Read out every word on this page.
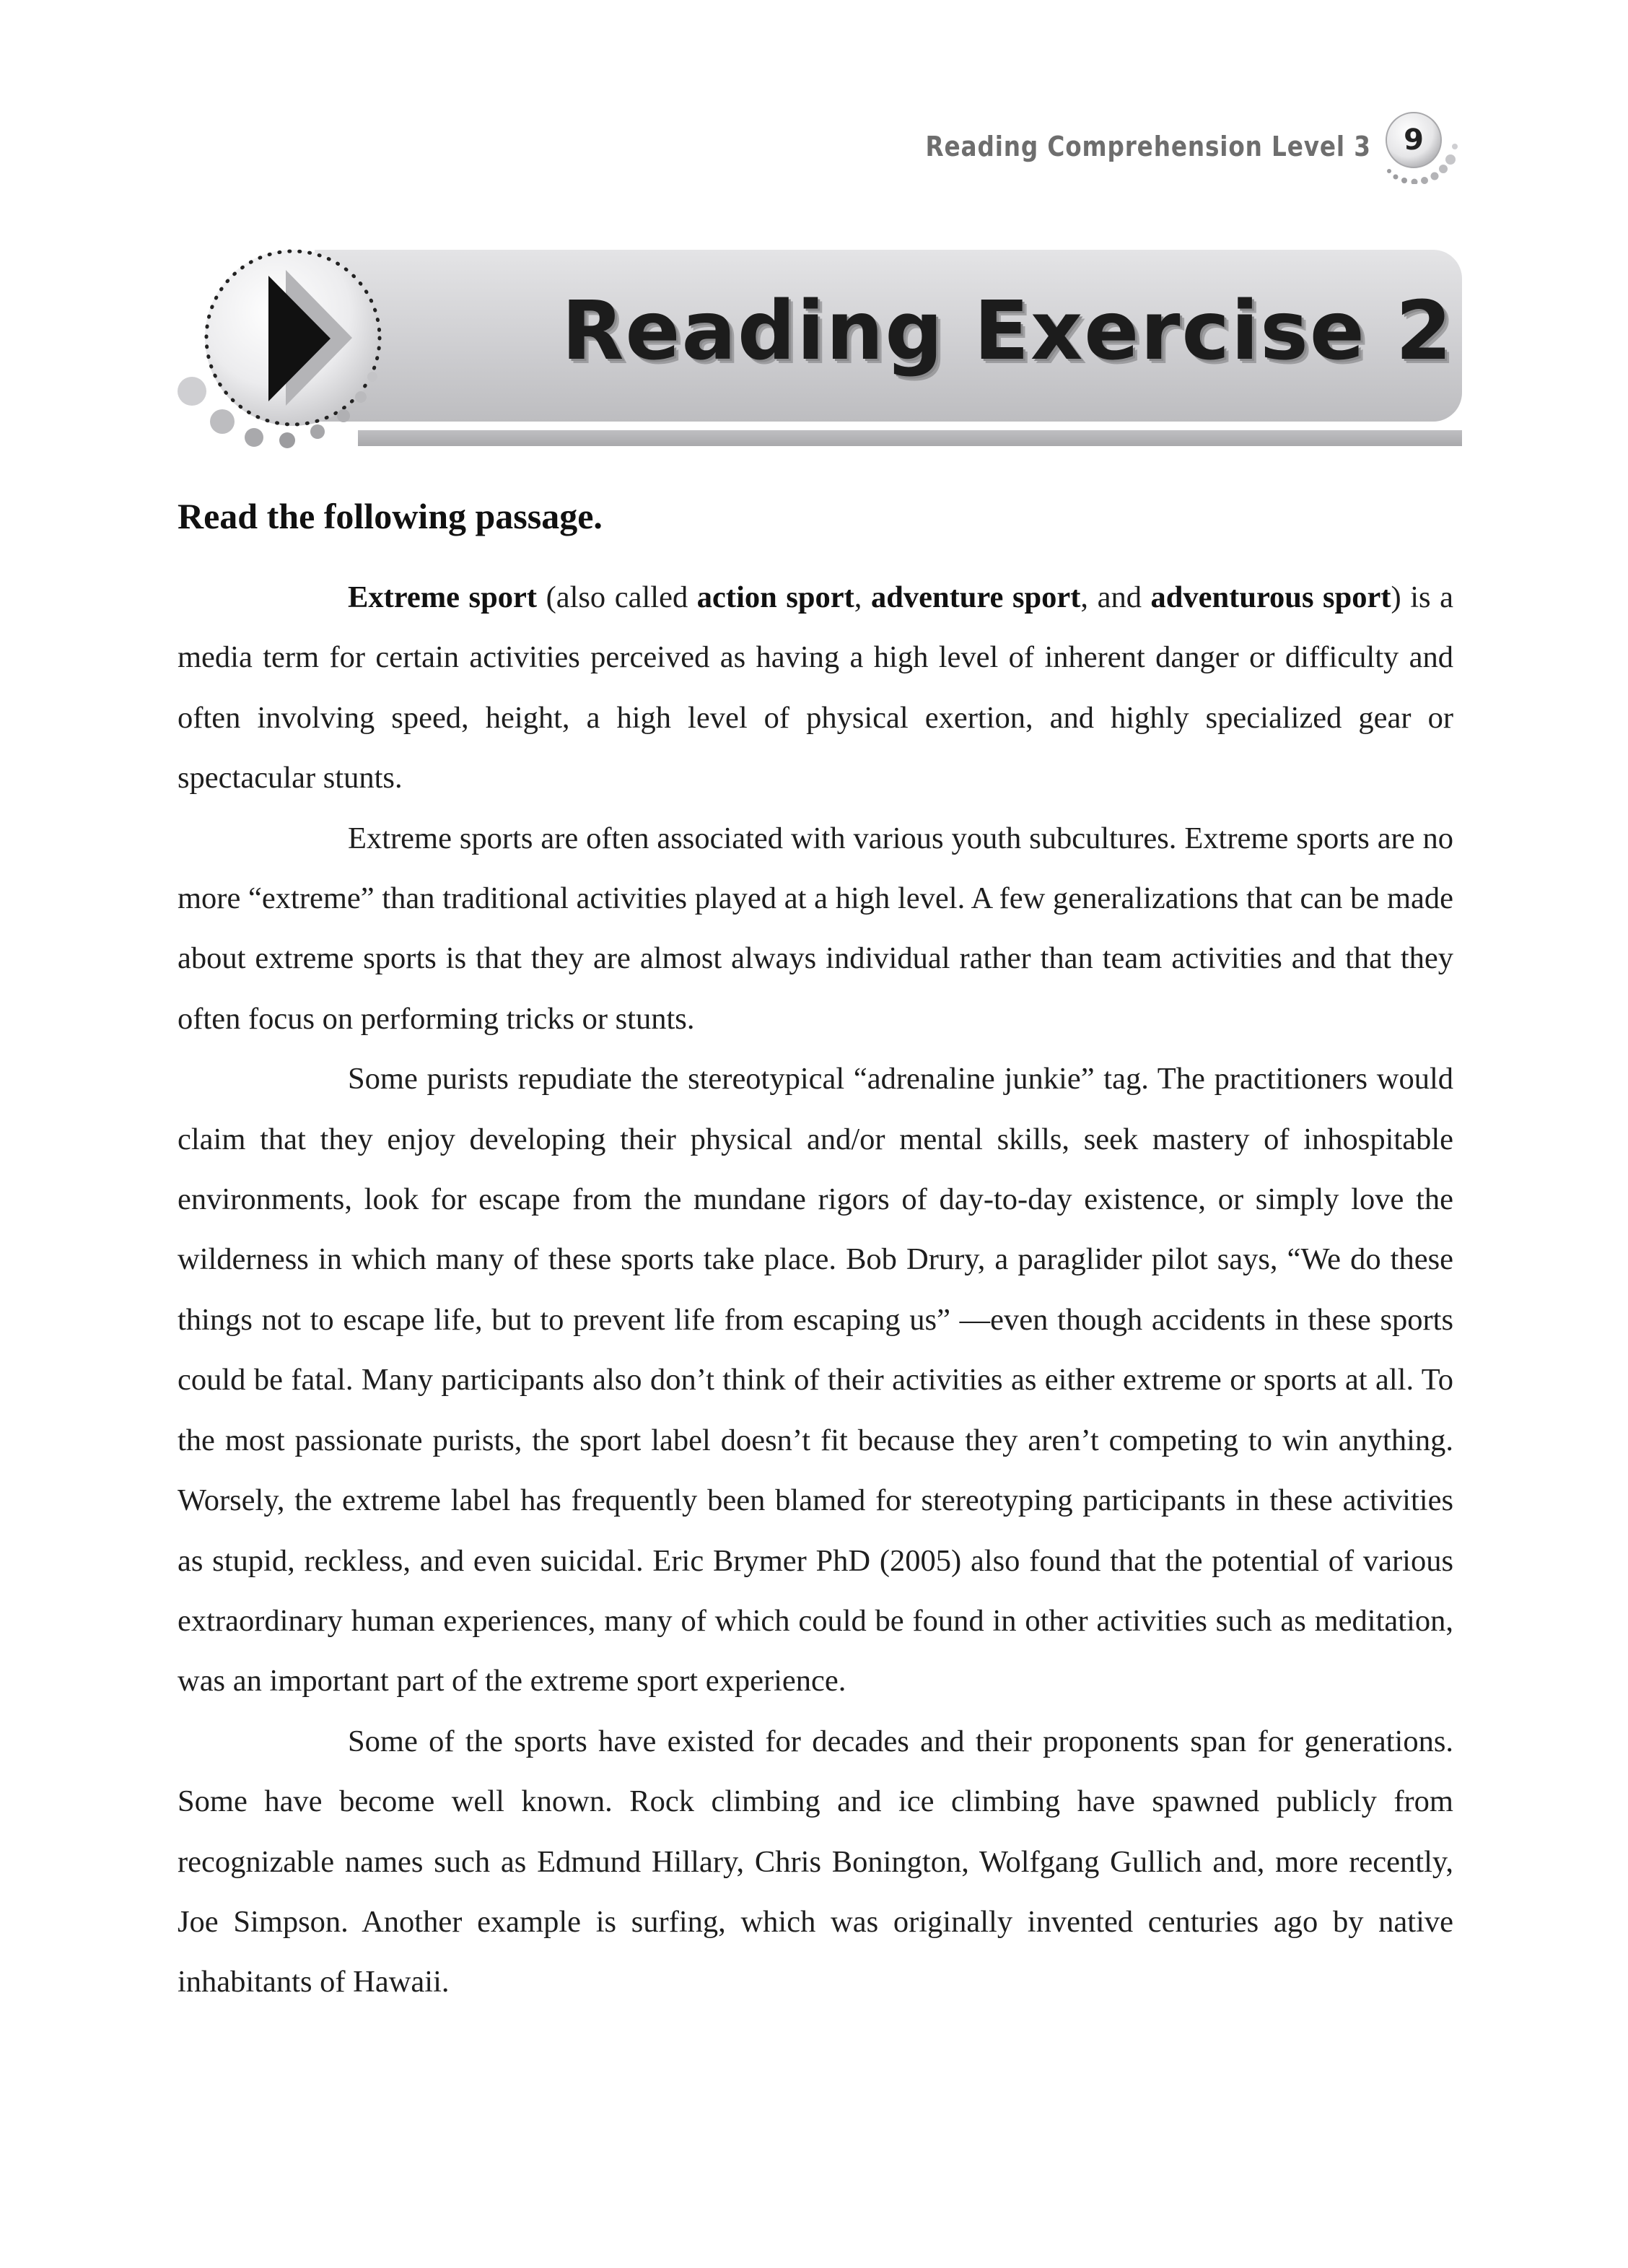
Reading Comprehension Level 3	9
Reading Exercise 2
Read the following passage.

Extreme sport (also called action sport, adventure sport, and adventurous sport) is a media term for certain activities perceived as having a high level of inherent danger or difficulty and often involving speed, height, a high level of physical exertion, and highly specialized gear or spectacular stunts.

Extreme sports are often associated with various youth subcultures. Extreme sports are no more “extreme” than traditional activities played at a high level. A few generalizations that can be made about extreme sports is that they are almost always individual rather than team activities and that they often focus on performing tricks or stunts.

Some purists repudiate the stereotypical “adrenaline junkie” tag. The practitioners would claim that they enjoy developing their physical and/or mental skills, seek mastery of inhospitable environments, look for escape from the mundane rigors of day-to-day existence, or simply love the wilderness in which many of these sports take place. Bob Drury, a paraglider pilot says, “We do these things not to escape life, but to prevent life from escaping us” —even though accidents in these sports could be fatal. Many participants also don’t think of their activities as either extreme or sports at all. To the most passionate purists, the sport label doesn’t fit because they aren’t competing to win anything. Worsely, the extreme label has frequently been blamed for stereotyping participants in these activities as stupid, reckless, and even suicidal. Eric Brymer PhD (2005) also found that the potential of various extraordinary human experiences, many of which could be found in other activities such as meditation, was an important part of the extreme sport experience.

Some of the sports have existed for decades and their proponents span for generations. Some have become well known. Rock climbing and ice climbing have spawned publicly from recognizable names such as Edmund Hillary, Chris Bonington, Wolfgang Gullich and, more recently, Joe Simpson. Another example is surfing, which was originally invented centuries ago by native inhabitants of Hawaii.
